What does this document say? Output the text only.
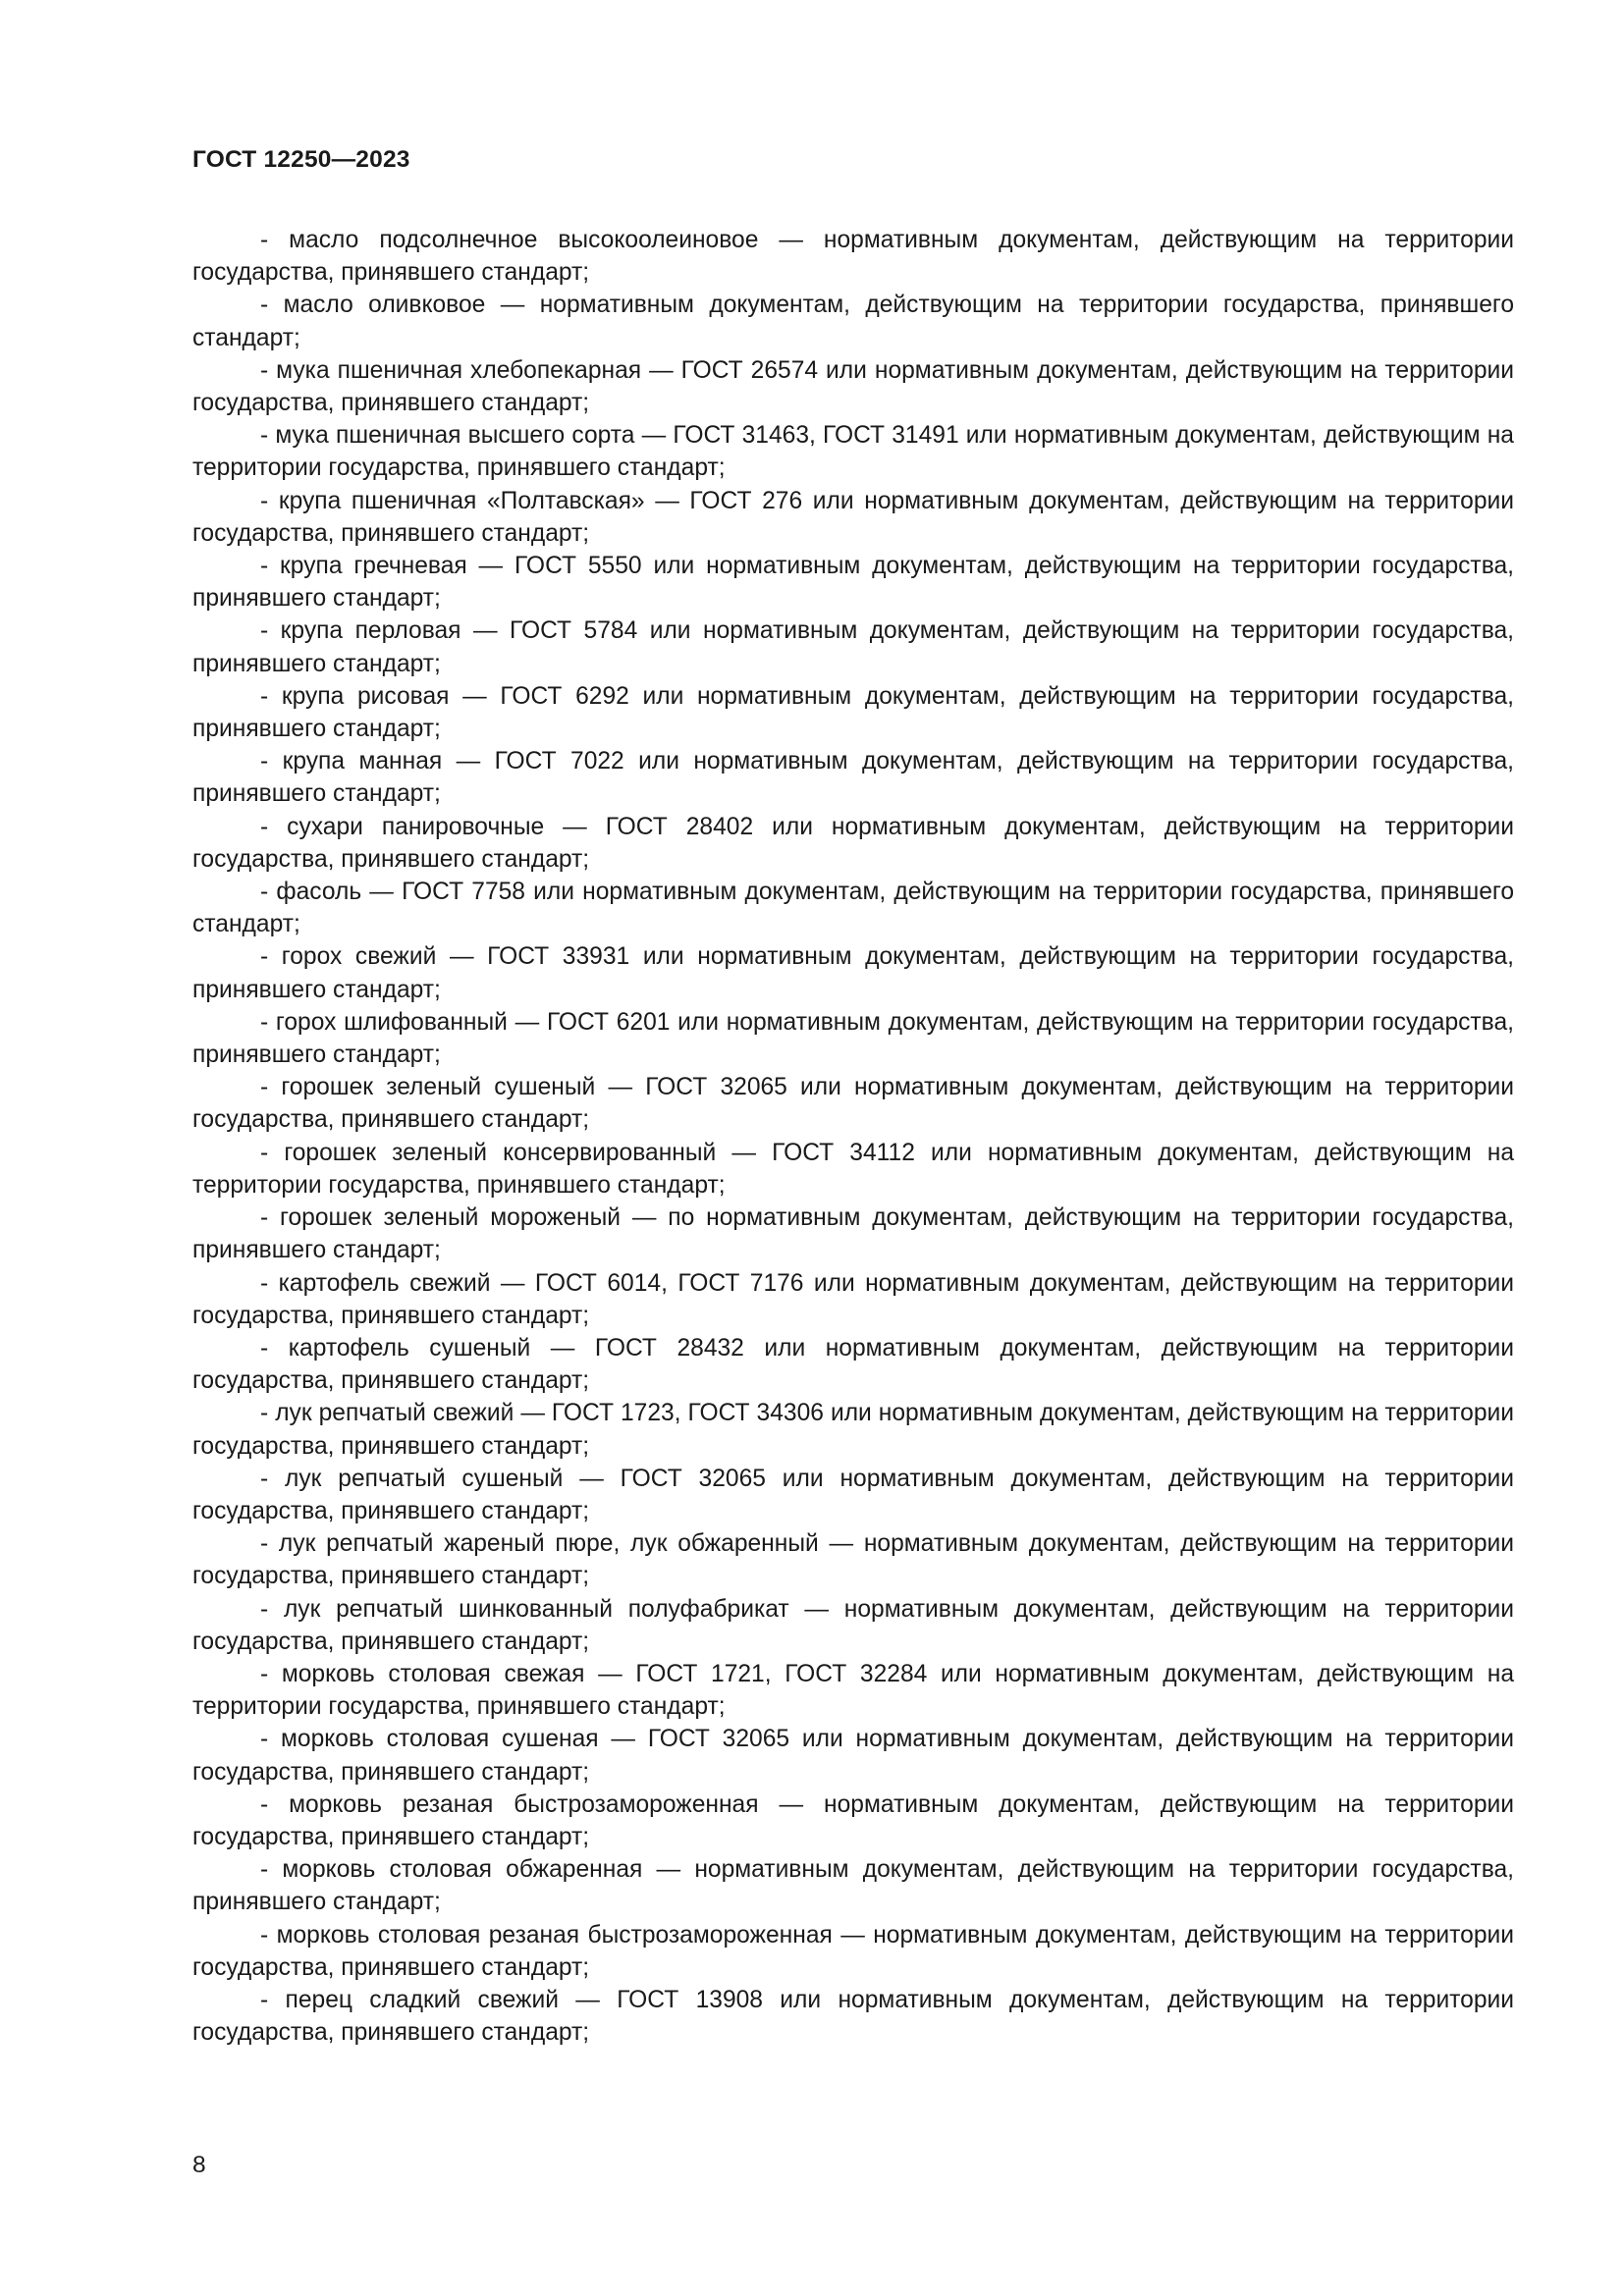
ГОСТ 12250—2023

- масло подсолнечное высокоолеиновое — нормативным документам, действующим на территории государства, принявшего стандарт;

- масло оливковое — нормативным документам, действующим на территории государства, принявшего стандарт;

- мука пшеничная хлебопекарная — ГОСТ 26574 или нормативным документам, действующим на территории государства, принявшего стандарт;

- мука пшеничная высшего сорта — ГОСТ 31463, ГОСТ 31491 или нормативным документам, действующим на территории государства, принявшего стандарт;

- крупа пшеничная «Полтавская» — ГОСТ 276 или нормативным документам, действующим на территории государства, принявшего стандарт;

- крупа гречневая — ГОСТ 5550 или нормативным документам, действующим на территории государства, принявшего стандарт;

- крупа перловая — ГОСТ 5784 или нормативным документам, действующим на территории государства, принявшего стандарт;

- крупа рисовая — ГОСТ 6292 или нормативным документам, действующим на территории государства, принявшего стандарт;

- крупа манная — ГОСТ 7022 или нормативным документам, действующим на территории государства, принявшего стандарт;

- сухари панировочные — ГОСТ 28402 или нормативным документам, действующим на территории государства, принявшего стандарт;

- фасоль — ГОСТ 7758 или нормативным документам, действующим на территории государства, принявшего стандарт;

- горох свежий — ГОСТ 33931 или нормативным документам, действующим на территории государства, принявшего стандарт;

- горох шлифованный — ГОСТ 6201 или нормативным документам, действующим на территории государства, принявшего стандарт;

- горошек зеленый сушеный — ГОСТ 32065 или нормативным документам, действующим на территории государства, принявшего стандарт;

- горошек зеленый консервированный — ГОСТ 34112 или нормативным документам, действующим на территории государства, принявшего стандарт;

- горошек зеленый мороженый — по нормативным документам, действующим на территории государства, принявшего стандарт;

- картофель свежий — ГОСТ 6014, ГОСТ 7176 или нормативным документам, действующим на территории государства, принявшего стандарт;

- картофель сушеный — ГОСТ 28432 или нормативным документам, действующим на территории государства, принявшего стандарт;

- лук репчатый свежий — ГОСТ 1723, ГОСТ 34306 или нормативным документам, действующим на территории государства, принявшего стандарт;

- лук репчатый сушеный — ГОСТ 32065 или нормативным документам, действующим на территории государства, принявшего стандарт;

- лук репчатый жареный пюре, лук обжаренный — нормативным документам, действующим на территории государства, принявшего стандарт;

- лук репчатый шинкованный полуфабрикат — нормативным документам, действующим на территории государства, принявшего стандарт;

- морковь столовая свежая — ГОСТ 1721, ГОСТ 32284 или нормативным документам, действующим на территории государства, принявшего стандарт;

- морковь столовая сушеная — ГОСТ 32065 или нормативным документам, действующим на территории государства, принявшего стандарт;

- морковь резаная быстрозамороженная — нормативным документам, действующим на территории государства, принявшего стандарт;

- морковь столовая обжаренная — нормативным документам, действующим на территории государства, принявшего стандарт;

- морковь столовая резаная быстрозамороженная — нормативным документам, действующим на территории государства, принявшего стандарт;

- перец сладкий свежий — ГОСТ 13908 или нормативным документам, действующим на территории государства, принявшего стандарт;

8
